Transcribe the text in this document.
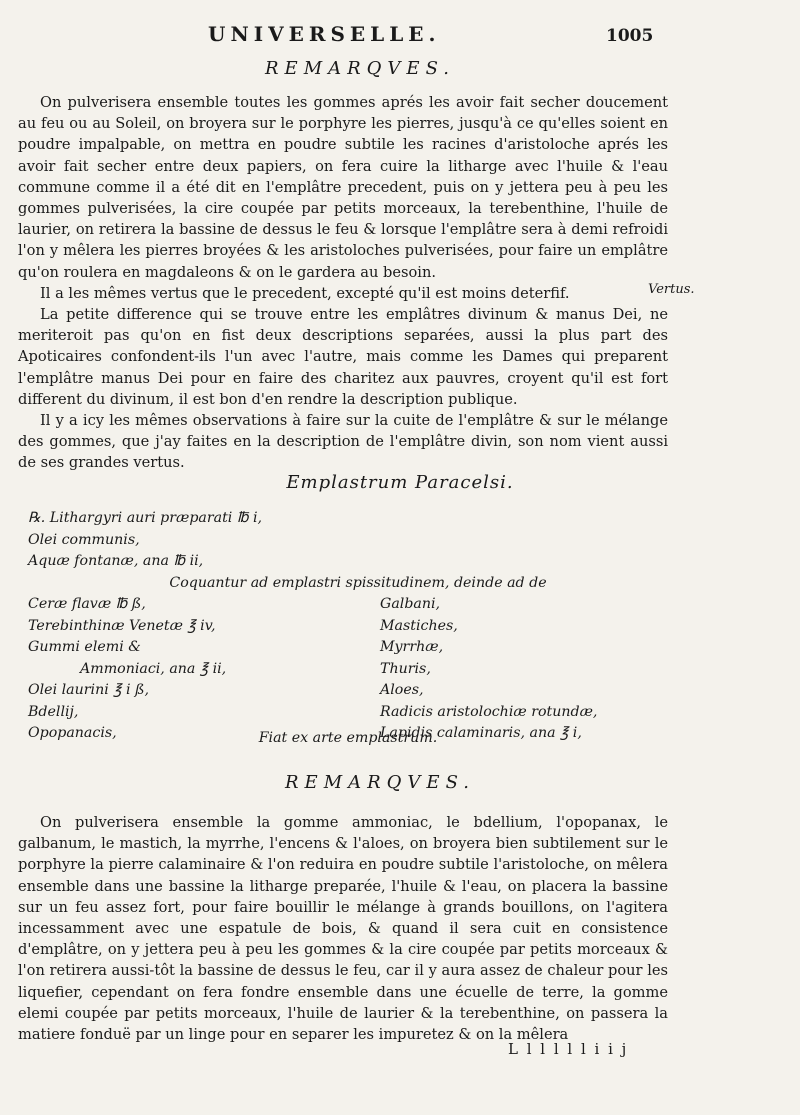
UNIVERSELLE.	1005
REMARQVES.

On pulverisera ensemble toutes les gommes aprés les avoir fait secher doucement au feu ou au Soleil, on broyera sur le porphyre les pierres, jusqu'à ce qu'elles soient en poudre impalpable, on mettra en poudre subtile les racines d'aristoloche aprés les avoir fait secher entre deux papiers, on fera cuire la litharge avec l'huile & l'eau commune comme il a été dit en l'emplâtre precedent, puis on y jettera peu à peu les gommes pulverisées, la cire coupée par petits morceaux, la terebenthine, l'huile de laurier, on retirera la bassine de dessus le feu & lorsque l'emplâtre sera à demi refroidi l'on y mêlera les pierres broyées & les aristoloches pulverisées, pour faire un emplâtre qu'on roulera en magdaleons & on le gardera au besoin.

Il a les mêmes vertus que le precedent, excepté qu'il est moins deterfif.

La petite difference qui se trouve entre les emplâtres divinum & manus Dei, ne meriteroit pas qu'on en fist deux descriptions separées, aussi la plus part des Apoticaires confondent-ils l'un avec l'autre, mais comme les Dames qui preparent l'emplâtre manus Dei pour en faire des charitez aux pauvres, croyent qu'il est fort different du divinum, il est bon d'en rendre la description publique.

Il y a icy les mêmes observations à faire sur la cuite de l'emplâtre & sur le mélange des gommes, que j'ay faites en la description de l'emplâtre divin, son nom vient aussi de ses grandes vertus.

Vertus.
Emplastrum Paracelsi.
℞. Lithargyri auri præparati ℔ i,
Olei communis,
Aquæ fontanæ, ana ℔ ii,
Coquantur ad emplastri spissitudinem, deinde ad de
Ceræ flavæ ℔ ß,
Terebinthinæ Venetæ ℥ iv,
Gummi elemi &
Ammoniaci, ana ℥ ii,
Olei laurini ℥ i ß,
Bdellij,
Opopanacis,
Galbani,
Mastiches,
Myrrhæ,
Thuris,
Aloes,
Radicis aristolochiæ rotundæ,
Lapidis calaminaris, ana ℥ i,
Fiat ex arte emplastrum.
REMARQVES.

On pulverisera ensemble la gomme ammoniac, le bdellium, l'opopanax, le galbanum, le mastich, la myrrhe, l'encens & l'aloes, on broyera bien subtilement sur le porphyre la pierre calaminaire & l'on reduira en poudre subtile l'aristoloche, on mêlera ensemble dans une bassine la litharge preparée, l'huile & l'eau, on placera la bassine sur un feu assez fort, pour faire bouillir le mélange à grands bouillons, on l'agitera incessamment avec une espatule de bois, & quand il sera cuit en consistence d'emplâtre, on y jettera peu à peu les gommes & la cire coupée par petits morceaux & l'on retirera aussi-tôt la bassine de dessus le feu, car il y aura assez de chaleur pour les liquefier, cependant on fera fondre ensemble dans une écuelle de terre, la gomme elemi coupée par petits morceaux, l'huile de laurier & la terebenthine, on passera la matiere fonduë par un linge pour en separer les impuretez & on la mêlera

L l l l l l i i j
